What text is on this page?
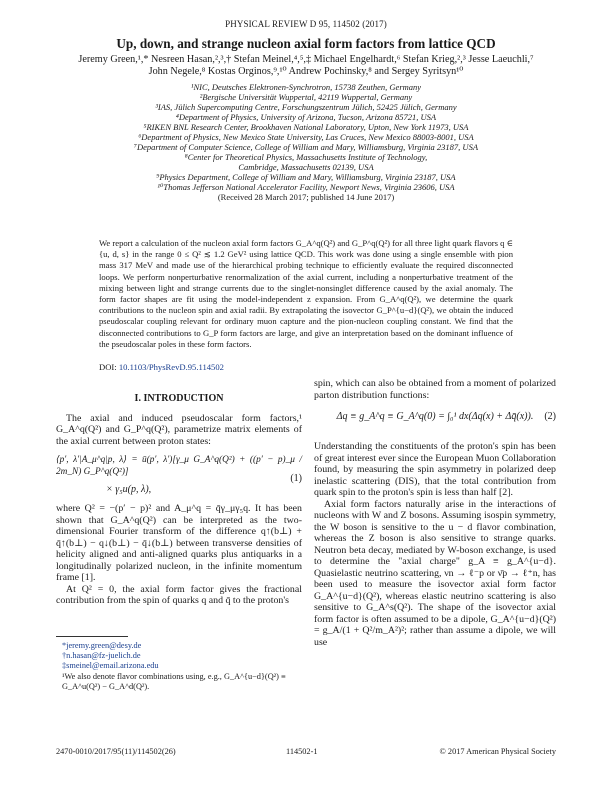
PHYSICAL REVIEW D 95, 114502 (2017)
Up, down, and strange nucleon axial form factors from lattice QCD
Jeremy Green,¹,* Nesreen Hasan,²,³,† Stefan Meinel,⁴,⁵,‡ Michael Engelhardt,⁶ Stefan Krieg,²,³ Jesse Laeuchli,⁷
John Negele,⁸ Kostas Orginos,⁹,¹⁰ Andrew Pochinsky,⁸ and Sergey Syritsyn¹⁰
¹NIC, Deutsches Elektronen-Synchrotron, 15738 Zeuthen, Germany
²Bergische Universität Wuppertal, 42119 Wuppertal, Germany
³IAS, Jülich Supercomputing Centre, Forschungszentrum Jülich, 52425 Jülich, Germany
⁴Department of Physics, University of Arizona, Tucson, Arizona 85721, USA
⁵RIKEN BNL Research Center, Brookhaven National Laboratory, Upton, New York 11973, USA
⁶Department of Physics, New Mexico State University, Las Cruces, New Mexico 88003-8001, USA
⁷Department of Computer Science, College of William and Mary, Williamsburg, Virginia 23187, USA
⁸Center for Theoretical Physics, Massachusetts Institute of Technology,
Cambridge, Massachusetts 02139, USA
⁹Physics Department, College of William and Mary, Williamsburg, Virginia 23187, USA
¹⁰Thomas Jefferson National Accelerator Facility, Newport News, Virginia 23606, USA
(Received 28 March 2017; published 14 June 2017)
We report a calculation of the nucleon axial form factors G_A^q(Q²) and G_P^q(Q²) for all three light quark flavors q ∈ {u, d, s} in the range 0 ≤ Q² ≲ 1.2 GeV² using lattice QCD. This work was done using a single ensemble with pion mass 317 MeV and made use of the hierarchical probing technique to efficiently evaluate the required disconnected loops. We perform nonperturbative renormalization of the axial current, including a nonperturbative treatment of the mixing between light and strange currents due to the singlet-nonsinglet difference caused by the axial anomaly. The form factor shapes are fit using the model-independent z expansion. From G_A^q(Q²), we determine the quark contributions to the nucleon spin and axial radii. By extrapolating the isovector G_P^{u−d}(Q²), we obtain the induced pseudoscalar coupling relevant for ordinary muon capture and the pion-nucleon coupling constant. We find that the disconnected contributions to G_P form factors are large, and give an interpretation based on the dominant influence of the pseudoscalar poles in these form factors.
DOI: 10.1103/PhysRevD.95.114502
I. INTRODUCTION

The axial and induced pseudoscalar form factors,¹ G_A^q(Q²) and G_P^q(Q²), parametrize matrix elements of the axial current between proton states:

⟨p′, λ′|A_μ^q|p, λ⟩ = ū(p′, λ′)[γ_μ G_A^q(Q²) + ((p′ − p)_μ / 2m_N) G_P^q(Q²)]
× γ₅u(p, λ),
(1)

where Q² = −(p′ − p)² and A_μ^q = q̄γ_μγ₅q. It has been shown that G_A^q(Q²) can be interpreted as the two-dimensional Fourier transform of the difference q↑(b⊥) + q̄↑(b⊥) − q↓(b⊥) − q̄↓(b⊥) between transverse densities of helicity aligned and anti-aligned quarks plus antiquarks in a longitudinally polarized nucleon, in the infinite momentum frame [1].

At Q² = 0, the axial form factor gives the fractional contribution from the spin of quarks q and q̄ to the proton's

*jeremy.green@desy.de
†n.hasan@fz-juelich.de
‡smeinel@email.arizona.edu
¹We also denote flavor combinations using, e.g., G_A^{u−d}(Q²) ≡ G_A^u(Q²) − G_A^d(Q²).

spin, which can also be obtained from a moment of polarized parton distribution functions:

Δq ≡ g_A^q ≡ G_A^q(0) = ∫₀¹ dx(Δq(x) + Δq̄(x)). (2)

Understanding the constituents of the proton's spin has been of great interest ever since the European Muon Collaboration found, by measuring the spin asymmetry in polarized deep inelastic scattering (DIS), that the total contribution from quark spin to the proton's spin is less than half [2].

Axial form factors naturally arise in the interactions of nucleons with W and Z bosons. Assuming isospin symmetry, the W boson is sensitive to the u − d flavor combination, whereas the Z boson is also sensitive to strange quarks. Neutron beta decay, mediated by W-boson exchange, is used to determine the "axial charge" g_A ≡ g_A^{u−d}. Quasielastic neutrino scattering, νn → ℓ⁻p or ν̄p → ℓ⁺n, has been used to measure the isovector axial form factor G_A^{u−d}(Q²), whereas elastic neutrino scattering is also sensitive to G_A^s(Q²). The shape of the isovector axial form factor is often assumed to be a dipole, G_A^{u−d}(Q²) = g_A/(1 + Q²/m_A²)²; rather than assume a dipole, we will use

2470-0010/2017/95(11)/114502(26)	114502-1	© 2017 American Physical Society
